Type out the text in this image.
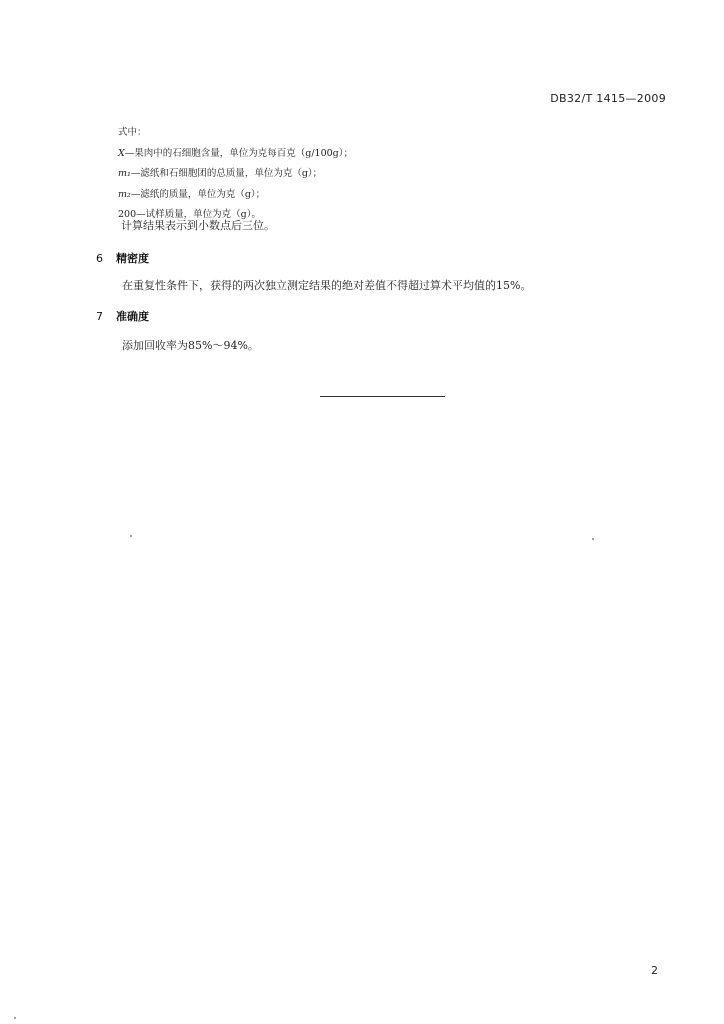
DB32/T 1415—2009
式中：
X—果肉中的石细胞含量，单位为克每百克（g/100g）；
m₁—滤纸和石细胞团的总质量，单位为克（g）；
m₂—滤纸的质量，单位为克（g）；
200—试样质量，单位为克（g）。
计算结果表示到小数点后三位。
6 精密度
在重复性条件下，获得的两次独立测定结果的绝对差值不得超过算术平均值的15%。
7 准确度
添加回收率为85%～94%。
2
